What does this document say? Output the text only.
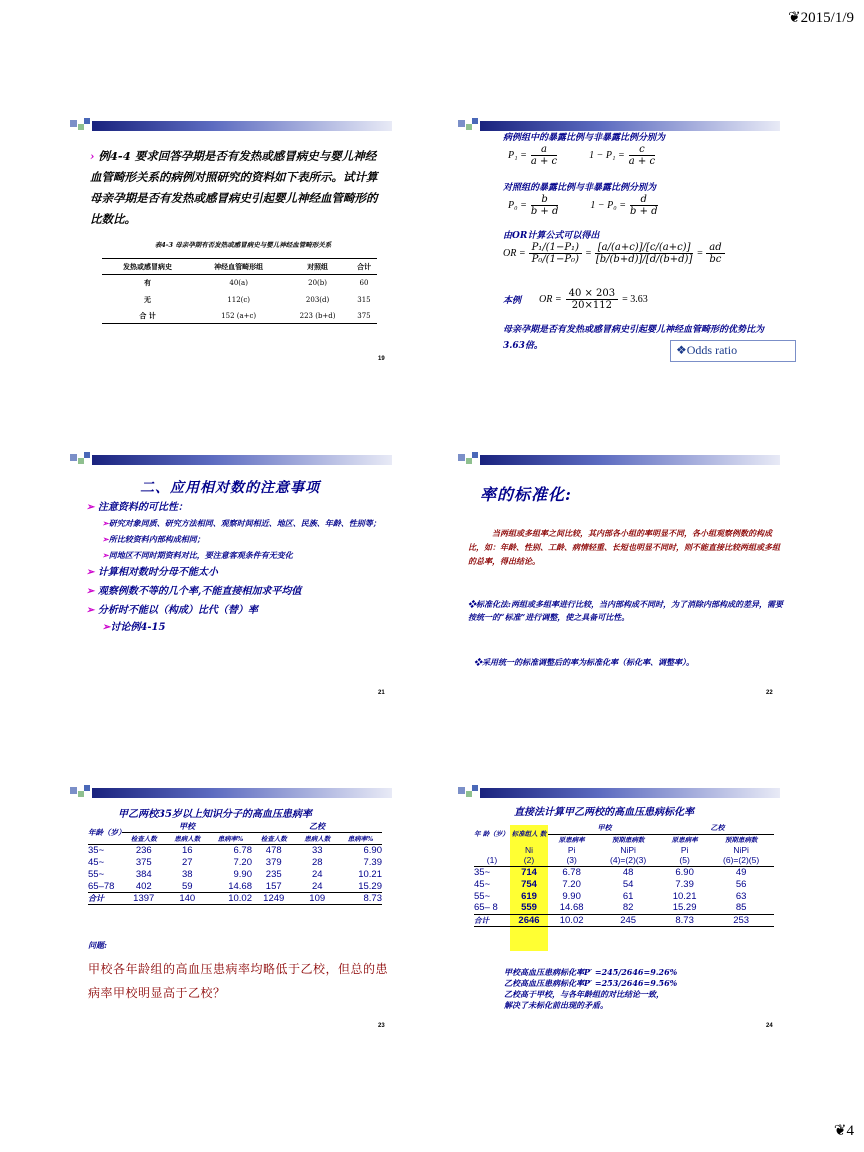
❦2015/1/9
› 例4-4 要求回答孕期是否有发热或感冒病史与婴儿神经血管畸形关系的病例对照研究的资料如下表所示。试计算母亲孕期是否有发热或感冒病史引起婴儿神经血管畸形的比数比。
表4-3 母亲孕期有否发热或感冒病史与婴儿神经血管畸形关系
发热或感冒病史	神经血管畸形组	对照组	合计
有	40(a)	20(b)	60
无	112(c)	203(d)	315
合 计	152 (a+c)	223 (b+d)	375
19
病例组中的暴露比例与非暴露比例分别为
$P_1 = \frac{a}{a + c}$	$1 - P_1 = \frac{c}{a + c}$
对照组的暴露比例与非暴露比例分别为
$P_0 = \frac{b}{b + d}$	$1 - P_0 = \frac{d}{b + d}$
由OR计算公式可以得出
OR = $\frac{\text{P₁/(1−P₁)}}{\text{P₀/(1−P₀)}} = \frac{[a/(a+c)]/[c/(a+c)]}{[b/(b+d)]/[d/(b+d)]} = \frac{ad}{bc}$
本例 OR = $\frac{40 \times 203}{20\times 112} = 3.63$
母亲孕期是否有发热或感冒病史引起婴儿神经血管畸形的优势比为3.63倍。	❖Odds ratio
二、应用相对数的注意事项
➢ 注意资料的可比性：
➢研究对象同质、研究方法相同、观察时间相近、地区、民族、年龄、性别等；
➢所比较资料内部构成相同；
➢同地区不同时期资料对比，要注意客观条件有无变化
➢ 计算相对数时分母不能太小
➢ 观察例数不等的几个率,不能直接相加求平均值
➢ 分析时不能以（构成）比代（替）率
➢讨论例4-15
21
率的标准化:
当两组或多组率之间比较，其内部各小组的率明显不同，各小组观察例数的构成比，如：年龄、性别、工龄、病情轻重、长短也明显不同时，则不能直接比较两组或多组的总率，得出结论。
❖标准化法:两组或多组率进行比较，当内部构成不同时，为了消除内部构成的差异，需要按统一的“标准”进行调整，使之具备可比性。
❖采用统一的标准调整后的率为标准化率（标化率、调整率）。
22
甲乙两校35岁以上知识分子的高血压患病率
年龄（岁）	甲校			乙校		
	检查人数	患病人数	患病率%	检查人数	患病人数	患病率%
35~	236	16	6.78	478	33	6.90
45~	375	27	7.20	379	28	7.39
55~	384	38	9.90	235	24	10.21
65–78	402	59	14.68	157	24	15.29
合计	1397	140	10.02	1249	109	8.73
问题:
甲校各年龄组的高血压患病率均略低于乙校，但总的患病率甲校明显高于乙校？
23
直接法计算甲乙两校的高血压患病标化率
年 龄（岁）	标准组人 数	甲校		乙校	
		原患病率	预期患病数	原患病率	预期患病数
	Ni	Pi	NiPi	Pi	NiPi
(1)	(2)	(3)	(4)=(2)(3)	(5)	(6)=(2)(5)
35~	714	6.78	48	6.90	49
45~	754	7.20	54	7.39	56
55~	619	9.90	61	10.21	63
65– 8	559	14.68	82	15.29	85
合计	2646	10.02	245	8.73	253
甲校高血压患病标化率P′ =245/2646=9.26%
乙校高血压患病标化率P′ =253/2646=9.56%
乙校高于甲校，与各年龄组的对比结论一致，
解决了未标化前出现的矛盾。
24
❦4
